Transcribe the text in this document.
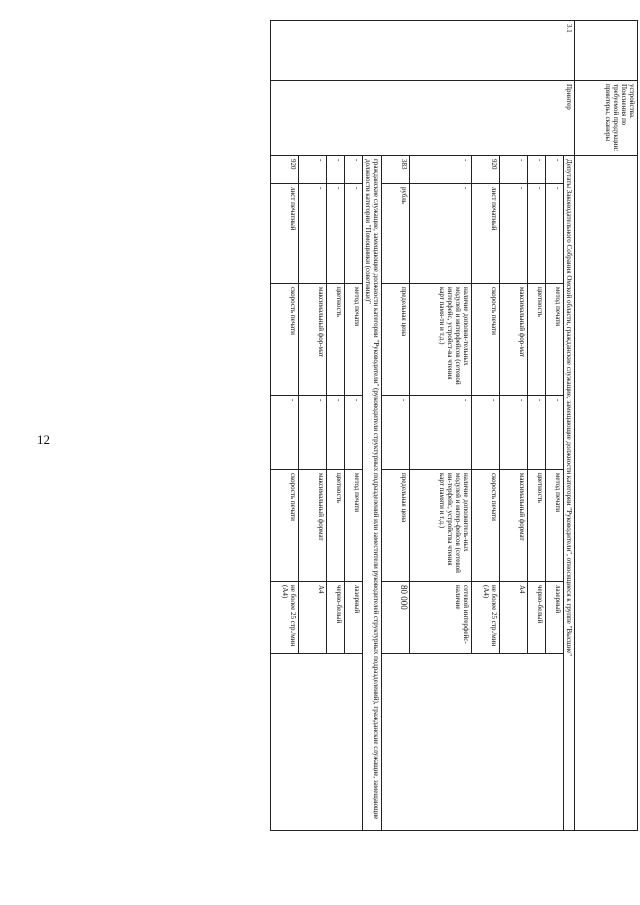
12
	устройства. Пояснения по требуемой продукции: принтеры, сканеры							
3.1	Принтер	Депутаты Законодательного Собрания Омской области, гражданские служащие, замещающие должности категории "Руководители", относящиеся к группе "Высшие"						
		-	-	метод печати	-	метод печати	лазерный	
		-	-	цветность	-	цветность	черно-белый	
		-	-	максимальный фор-мат	-	максимальный формат	А4	
		920	лист печатный	скорость печати	-	скорость печати	не более 25 стр./мин (А4)	
		-	-	наличие дополни-тельных модулей и интерфейсов (сетевой интерфейс, устройст-ва чтения карт памя-ти и т.д.)	-	наличие дополнитель-ных модулей и интер-фейсов (сетевой ин-терфейс, устройства чтения карт памяти и т.д.)	сетевой интерфейс-наличие	
		383	рубль	предельная цена	-	предельная цена	80 000	
		гражданские служащие, замещающие должности категории "Руководители" (руководители структурных подразделений или заместители руководителей структурных подразделений), гражданские служащие, замещающие должности категории "Помощники (советники)"						
		-	-	метод печати	-	метод печати	лазерный	
		-	-	цветность	-	цветность	черно-белый	
		-	-	максимальный фор-мат	-	максимальный формат	А4	
		920	лист печатный	скорость печати	-	скорость печати	не более 25 стр./мин (А4)	
